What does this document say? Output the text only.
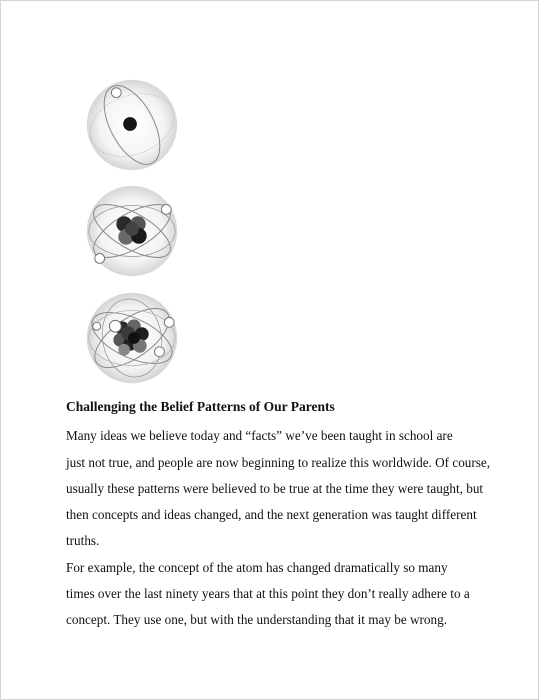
Challenging the Belief Patterns of Our Parents
Many ideas we believe today and “facts” we’ve been taught in school are
just not true, and people are now beginning to realize this worldwide. Of course,
usually these patterns were believed to be true at the time they were taught, but
then concepts and ideas changed, and the next generation was taught different
truths.
For example, the concept of the atom has changed dramatically so many
times over the last ninety years that at this point they don’t really adhere to a
concept. They use one, but with the understanding that it may be wrong.
